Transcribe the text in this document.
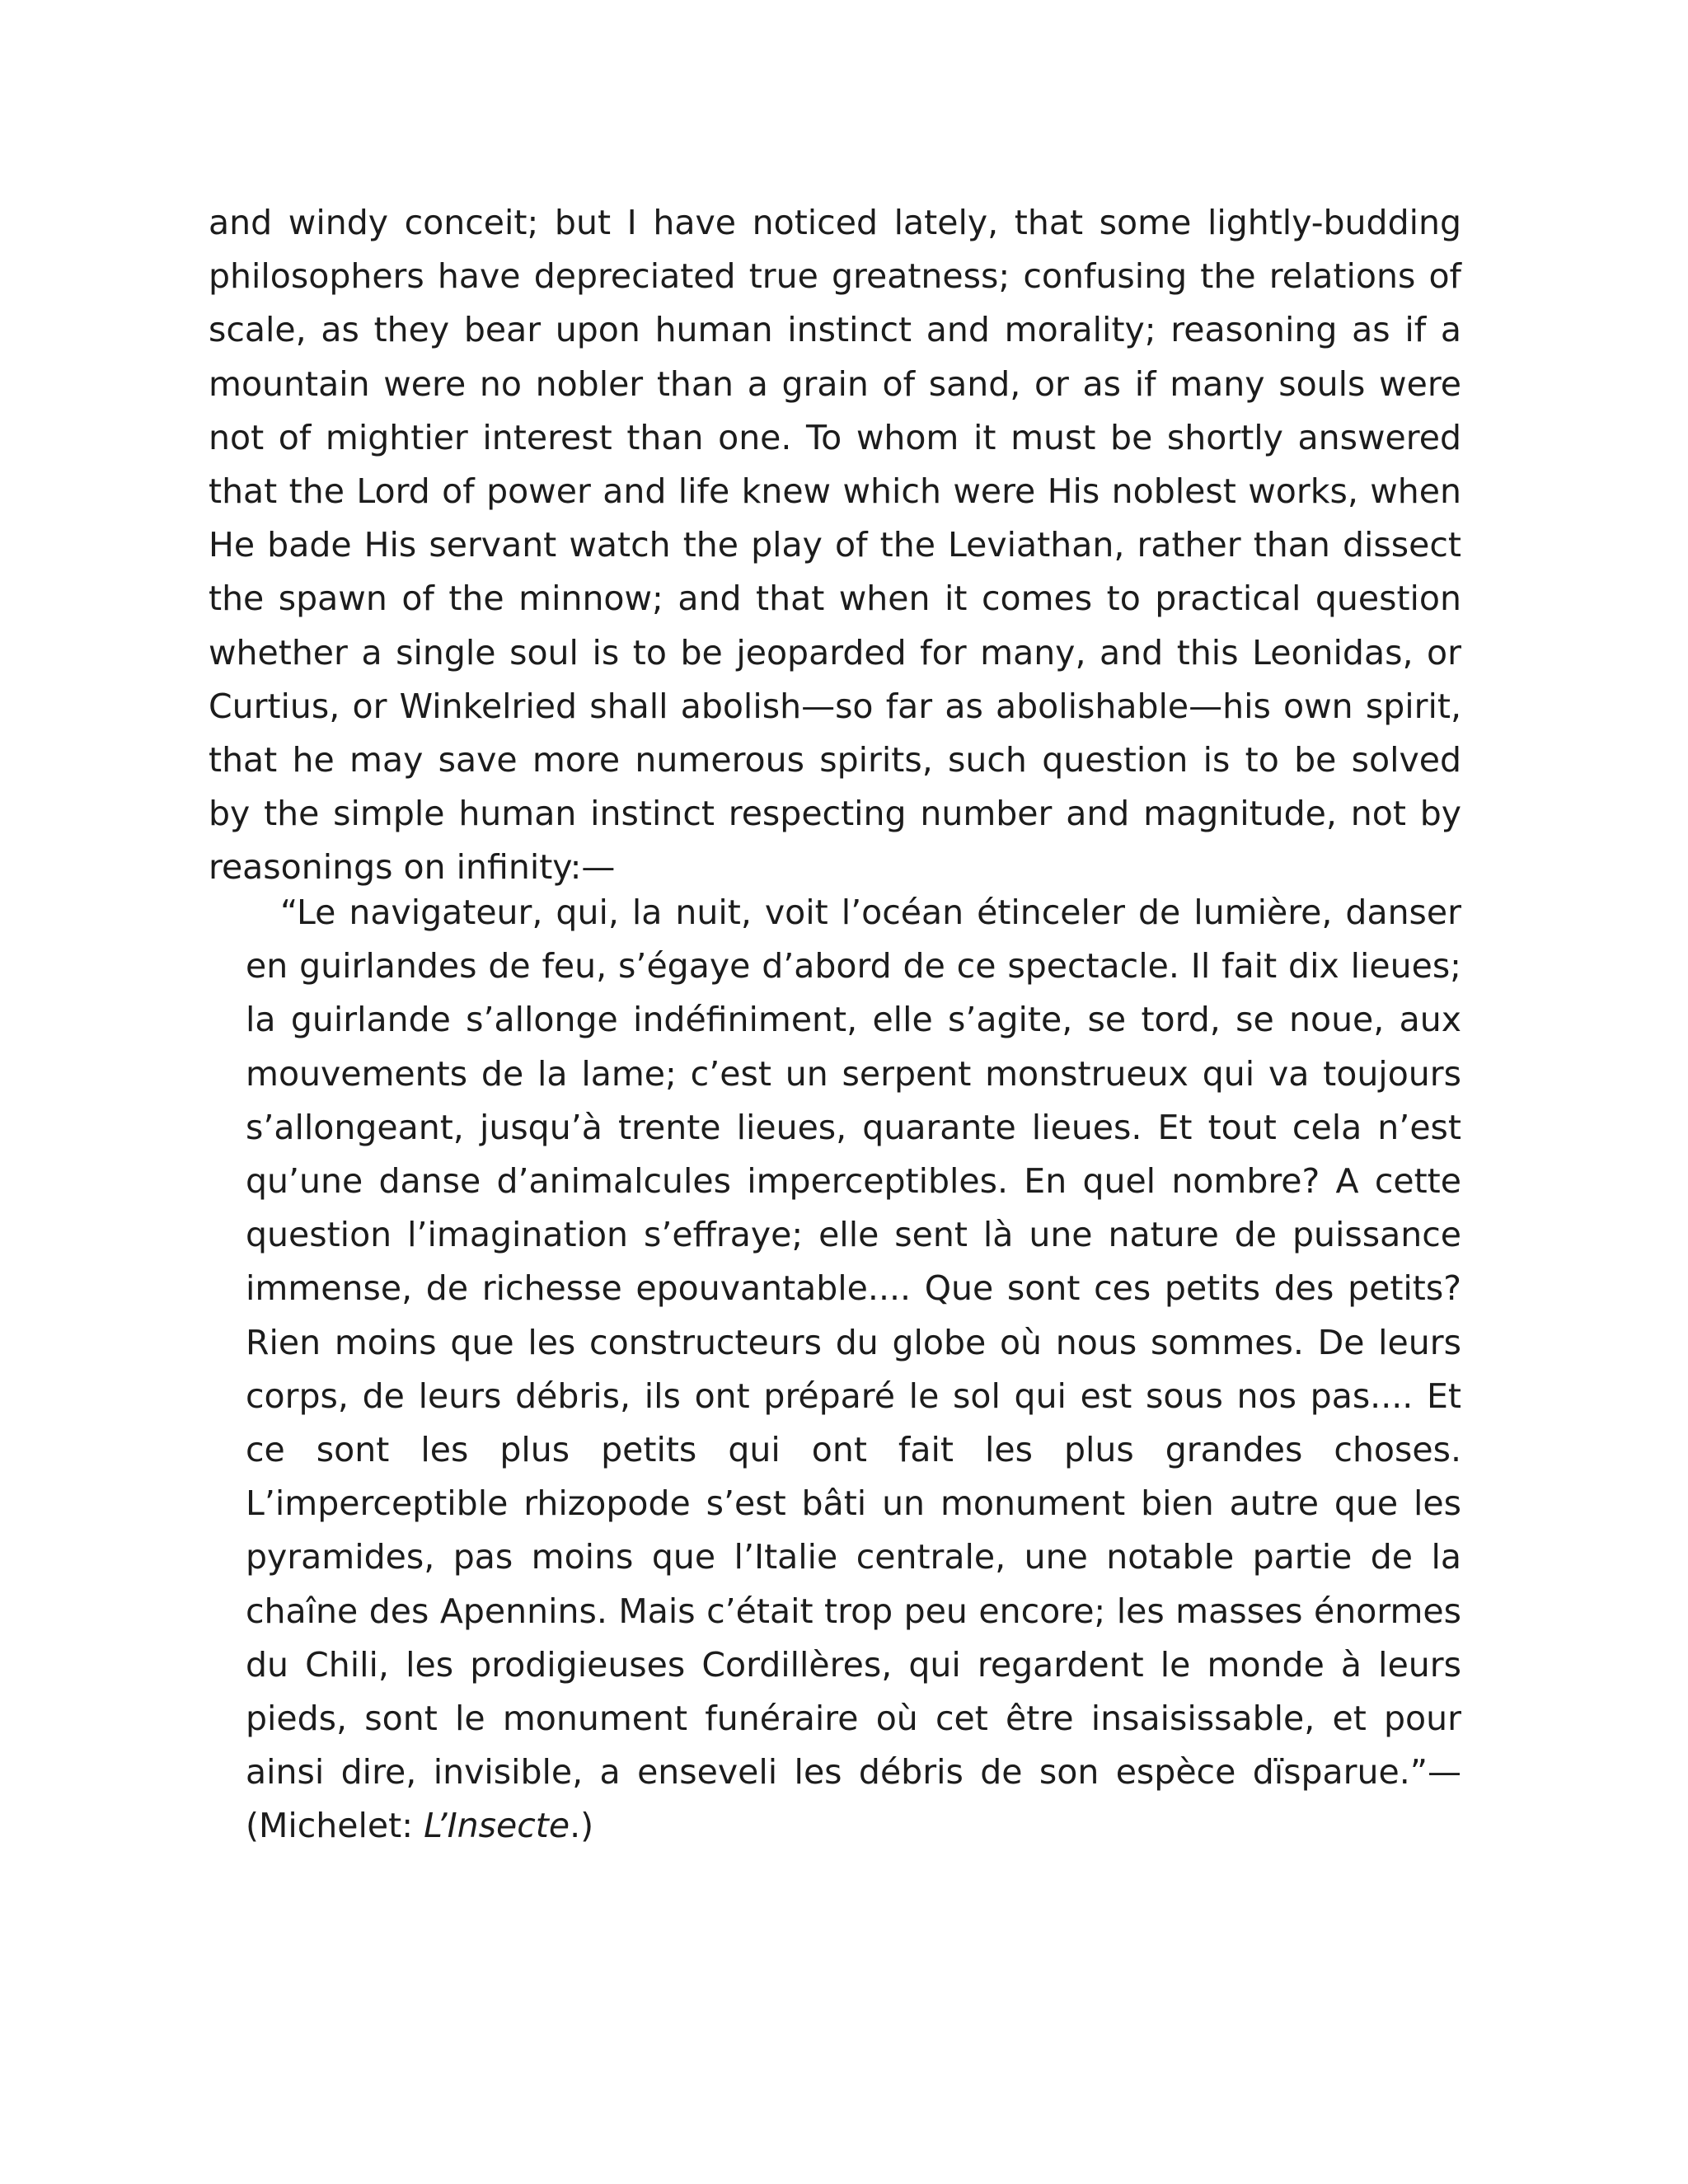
and windy conceit; but I have noticed lately, that some lightly-budding philosophers have depreciated true greatness; confusing the relations of scale, as they bear upon human instinct and morality; reasoning as if a mountain were no nobler than a grain of sand, or as if many souls were not of mightier interest than one. To whom it must be shortly answered that the Lord of power and life knew which were His noblest works, when He bade His servant watch the play of the Leviathan, rather than dissect the spawn of the minnow; and that when it comes to practical question whether a single soul is to be jeoparded for many, and this Leonidas, or Curtius, or Winkelried shall abolish—so far as abolishable—his own spirit, that he may save more numerous spirits, such question is to be solved by the simple human instinct respecting number and magnitude, not by reasonings on infinity:—

“Le navigateur, qui, la nuit, voit l’océan étinceler de lumière, danser en guirlandes de feu, s’égaye d’abord de ce spectacle. Il fait dix lieues; la guirlande s’allonge indéfiniment, elle s’agite, se tord, se noue, aux mouvements de la lame; c’est un serpent monstrueux qui va toujours s’allongeant, jusqu’à trente lieues, quarante lieues. Et tout cela n’est qu’une danse d’animalcules imperceptibles. En quel nombre? A cette question l’imagination s’effraye; elle sent là une nature de puissance immense, de richesse epouvantable.... Que sont ces petits des petits? Rien moins que les constructeurs du globe où nous sommes. De leurs corps, de leurs débris, ils ont préparé le sol qui est sous nos pas.... Et ce sont les plus petits qui ont fait les plus grandes choses. L’imperceptible rhizopode s’est bâti un monument bien autre que les pyramides, pas moins que l’Italie centrale, une notable partie de la chaîne des Apennins. Mais c’était trop peu encore; les masses énormes du Chili, les prodigieuses Cordillères, qui regardent le monde à leurs pieds, sont le monument funéraire où cet être insaisissable, et pour ainsi dire, invisible, a enseveli les débris de son espèce dïsparue.”—(Michelet: L’Insecte.)
